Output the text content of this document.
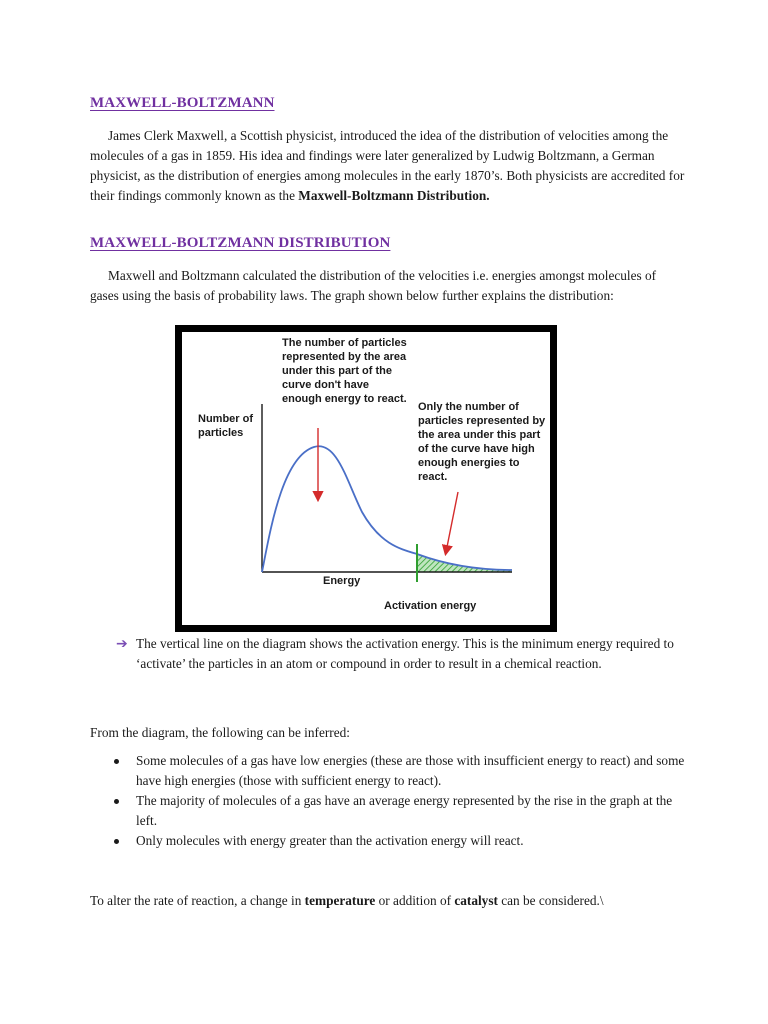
MAXWELL-BOLTZMANN

James Clerk Maxwell, a Scottish physicist, introduced the idea of the distribution of velocities among the molecules of a gas in 1859. His idea and findings were later generalized by Ludwig Boltzmann, a German physicist, as the distribution of energies among molecules in the early 1870’s. Both physicists are accredited for their findings commonly known as the Maxwell-Boltzmann Distribution.

MAXWELL-BOLTZMANN DISTRIBUTION

Maxwell and Boltzmann calculated the distribution of the velocities i.e. energies amongst molecules of gases using the basis of probability laws. The graph shown below further explains the distribution:

Number of particles
The number of particles represented by the area under this part of the curve don't have enough energy to react.
Only the number of particles represented by the area under this part of the curve have high enough energies to react.
Energy
Activation energy
➔ The vertical line on the diagram shows the activation energy. This is the minimum energy required to ‘activate’ the particles in an atom or compound in order to result in a chemical reaction.

From the diagram, the following can be inferred:

Some molecules of a gas have low energies (these are those with insufficient energy to react) and some have high energies (those with sufficient energy to react).
The majority of molecules of a gas have an average energy represented by the rise in the graph at the left.
Only molecules with energy greater than the activation energy will react.

To alter the rate of reaction, a change in temperature or addition of catalyst can be considered.\
